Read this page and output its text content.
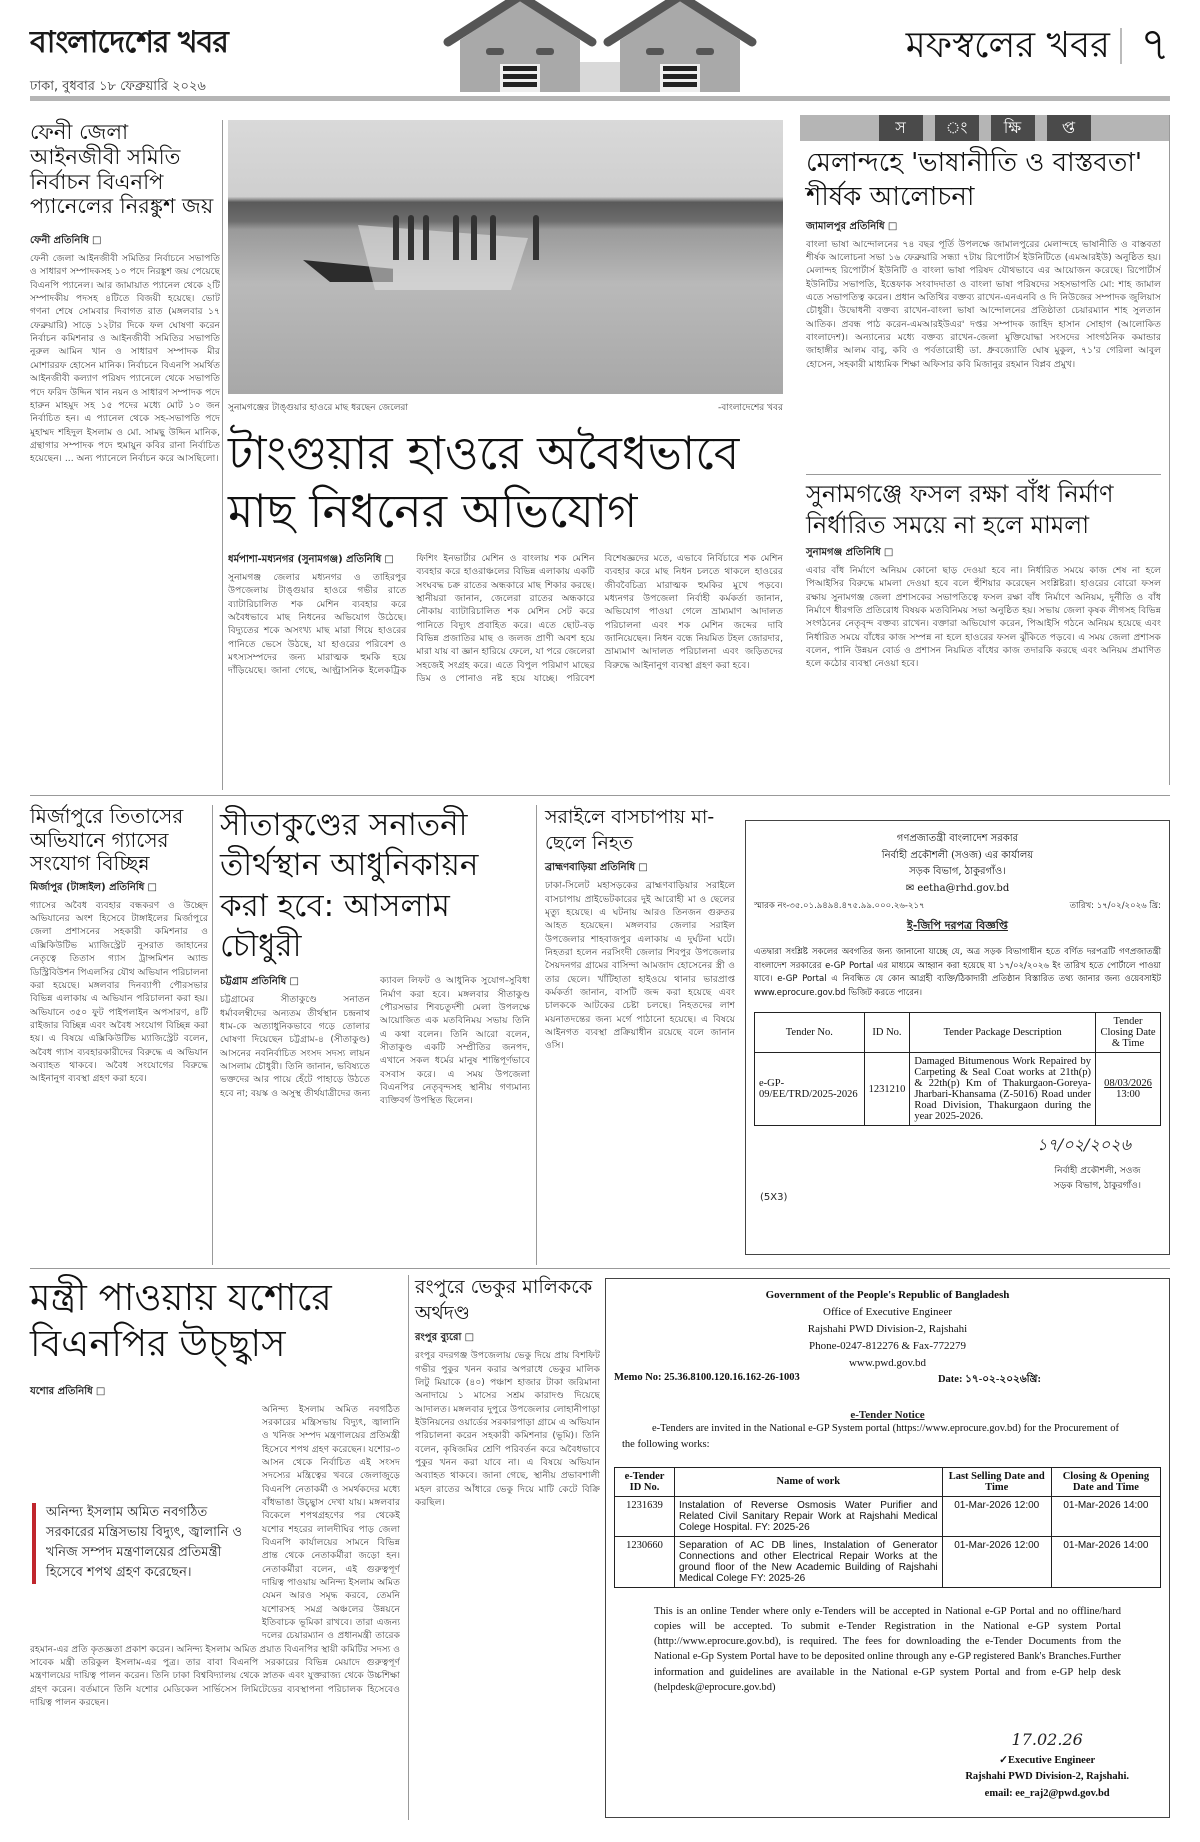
বাংলাদেশের খবর
ঢাকা, বুধবার ১৮ ফেব্রুয়ারি ২০২৬
মফস্বলের খবর ৭
ফেনী জেলা আইনজীবী সমিতি নির্বাচন বিএনপি প্যানেলের নিরঙ্কুশ জয়
ফেনী প্রতিনিধি □
ফেনী জেলা আইনজীবী সমিতির নির্বাচনে সভাপতি ও সাধারণ সম্পাদকসহ ১০ পদে নিরঙ্কুশ জয় পেয়েছে বিএনপি প্যানেল। আর জামায়াত প্যানেল থেকে ২টি সম্পাদকীয় পদসহ ৪টিতে বিজয়ী হয়েছে। ভোট গণনা শেষে সোমবার দিবাগত রাত (মঙ্গলবার ১৭ ফেব্রুয়ারি) সাড়ে ১২টার দিকে ফল ঘোষণা করেন নির্বাচন কমিশনার ও আইনজীবী সমিতির সভাপতি নুরুল আমিন খান ও সাধারণ সম্পাদক মীর মোশাররফ হোসেন মানিক। নির্বাচনে বিএনপি সমর্থিত আইনজীবী কল্যাণ পরিষদ প্যানেলে থেকে সভাপতি পদে ফরিদ উদ্দিন খান নয়ন ও সাধারণ সম্পাদক পদে হারুন মাহমুদ সহ ১৫ পদের মধ্যে মোট ১০ জন নির্বাচিত হন। এ প্যানেল থেকে সহ-সভাপতি পদে মুহাম্মদ শহিদুল ইসলাম ও মো. সামছু উদ্দিন মানিক, গ্রন্থাগার সম্পাদক পদে হুমায়ুন কবির রানা নির্বাচিত হয়েছেন। ... অন্য প্যানেলে নির্বাচন করে আসছিলো।
সুনামগঞ্জের টাঙ্গুয়ার হাওরে মাছ ধরছেন জেলেরা	-বাংলাদেশের খবর
টাংগুয়ার হাওরে অবৈধভাবে মাছ নিধনের অভিযোগ
ধর্মপাশা-মধ্যনগর (সুনামগঞ্জ) প্রতিনিধি □
সুনামগঞ্জ জেলার মধ্যনগর ও তাহিরপুর উপজেলায় টাঙ্গুয়ার হাওরে গভীর রাতে ব্যাটারিচালিত শক মেশিন ব্যবহার করে অবৈধভাবে মাছ নিধনের অভিযোগ উঠেছে। বিদ্যুতের শকে অসংখ্য মাছ মারা গিয়ে হাওরের পানিতে ভেসে উঠছে, যা হাওরের পরিবেশ ও মৎস্যসম্পদের জন্য মারাত্মক হুমকি হয়ে দাঁড়িয়েছে। জানা গেছে, আল্ট্রাসনিক ইলেকট্রিক ফিশিং ইনভার্টার মেশিন ও বাংলায় শক মেশিন ব্যবহার করে হাওরাঞ্চলের বিভিন্ন এলাকায় একটি সংঘবদ্ধ চক্র রাতের অন্ধকারে মাছ শিকার করছে। স্থানীয়রা জানান, জেলেরা রাতের অন্ধকারে নৌকায় ব্যাটারিচালিত শক মেশিন সেট করে পানিতে বিদ্যুৎ প্রবাহিত করে। এতে ছোট-বড় বিভিন্ন প্রজাতির মাছ ও জলজ প্রাণী অবশ হয়ে মারা যায় বা জ্ঞান হারিয়ে ফেলে, যা পরে জেলেরা সহজেই সংগ্রহ করে। এতে বিপুল পরিমাণ মাছের ডিম ও পোনাও নষ্ট হয়ে যাচ্ছে। পরিবেশ বিশেষজ্ঞদের মতে, এভাবে নির্বিচারে শক মেশিন ব্যবহার করে মাছ নিধন চলতে থাকলে হাওরের জীববৈচিত্র্য মারাত্মক হুমকির মুখে পড়বে। মধ্যনগর উপজেলা নির্বাহী কর্মকর্তা জানান, অভিযোগ পাওয়া গেলে ভ্রাম্যমাণ আদালত পরিচালনা এবং শক মেশিন জব্দের দাবি জানিয়েছেন। নিধন বন্ধে নিয়মিত টহল জোরদার, ভ্রাম্যমাণ আদালত পরিচালনা এবং জড়িতদের বিরুদ্ধে আইনানুগ ব্যবস্থা গ্রহণ করা হবে।
স	ং	ক্ষি	প্ত
মেলান্দহে 'ভাষানীতি ও বাস্তবতা' শীর্ষক আলোচনা
জামালপুর প্রতিনিধি □
বাংলা ভাষা আন্দোলনের ৭৪ বছর পূর্তি উপলক্ষে জামালপুরের মেলান্দহে ভাষানীতি ও বাস্তবতা শীর্ষক আলোচনা সভা ১৬ ফেব্রুয়ারি সন্ধ্যা ৭টায় রিপোর্টার্স ইউনিটিতে (এমআরইউ) অনুষ্ঠিত হয়। মেলান্দহ রিপোর্টার্স ইউনিটি ও বাংলা ভাষা পরিষদ যৌথভাবে এর আয়োজন করেছে। রিপোর্টার্স ইউনিটির সভাপতি, ইত্তেফাক সংবাদদাতা ও বাংলা ভাষা পরিষদের সহসভাপতি মো: শাহ জামাল এতে সভাপতিত্ব করেন। প্রধান অতিথির বক্তব্য রাখেন-এনএনবি ও দি নিউজের সম্পাদক জুলিয়াস চৌধুরী। উদ্বোধনী বক্তব্য রাখেন-বাংলা ভাষা আন্দোলনের প্রতিষ্ঠাতা চেয়ারম্যান শাহ সুলতান আতিক। প্রবন্ধ পাঠ করেন-এমআরইউএর' দপ্তর সম্পাদক জাহিদ হাসান সোহাগ (আলোকিত বাংলাদেশ)। অন্যান্যের মধ্যে বক্তব্য রাখেন-জেলা মুক্তিযোদ্ধা সংসদের সাংগঠনিক কমান্ডার জাহাঙ্গীর আলম বাবু, কবি ও পর্বতারোহী ডা. ধ্রুবজ্যোতি ঘোষ মুকুল, ৭১'র গেরিলা আবুল হোসেন, সহকারী মাধ্যমিক শিক্ষা অফিসার কবি মিজানুর রহমান বিপ্লব প্রমুখ।
সুনামগঞ্জে ফসল রক্ষা বাঁধ নির্মাণ নির্ধারিত সময়ে না হলে মামলা
সুনামগঞ্জ প্রতিনিধি □
এবার বাঁধ নির্মাণে অনিয়ম কোনো ছাড় দেওয়া হবে না। নির্ধারিত সময়ে কাজ শেষ না হলে পিআইসির বিরুদ্ধে মামলা দেওয়া হবে বলে হুঁশিয়ার করেছেন সংশ্লিষ্টরা। হাওরের বোরো ফসল রক্ষায় সুনামগঞ্জ জেলা প্রশাসকের সভাপতিত্বে ফসল রক্ষা বাঁধ নির্মাণে অনিয়ম, দুর্নীতি ও বাঁধ নির্মাণে ধীরগতি প্রতিরোধ বিষয়ক মতবিনিময় সভা অনুষ্ঠিত হয়। সভায় জেলা কৃষক লীগসহ বিভিন্ন সংগঠনের নেতৃবৃন্দ বক্তব্য রাখেন। বক্তারা অভিযোগ করেন, পিআইসি গঠনে অনিয়ম হয়েছে এবং নির্ধারিত সময়ে বাঁধের কাজ সম্পন্ন না হলে হাওরের ফসল ঝুঁকিতে পড়বে। এ সময় জেলা প্রশাসক বলেন, পানি উন্নয়ন বোর্ড ও প্রশাসন নিয়মিত বাঁধের কাজ তদারকি করছে এবং অনিয়ম প্রমাণিত হলে কঠোর ব্যবস্থা নেওয়া হবে।
মির্জাপুরে তিতাসের অভিযানে গ্যাসের সংযোগ বিচ্ছিন্ন
মির্জাপুর (টাঙ্গাইল) প্রতিনিধি □
গ্যাসের অবৈধ ব্যবহার বন্ধকরণ ও উচ্ছেদ অভিযানের অংশ হিসেবে টাঙ্গাইলের মির্জাপুরে জেলা প্রশাসনের সহকারী কমিশনার ও এক্সিকিউটিভ ম্যাজিস্ট্রেট নুসরাত জাহানের নেতৃত্বে তিতাস গ্যাস ট্রান্সমিশন অ্যান্ড ডিস্ট্রিবিউশন পিএলসির যৌথ অভিযান পরিচালনা করা হয়েছে। মঙ্গলবার দিনব্যাপী পৌরসভার বিভিন্ন এলাকায় এ অভিযান পরিচালনা করা হয়। অভিযানে ৩৫০ ফুট পাইপলাইন অপসারণ, ৪টি রাইজার বিচ্ছিন্ন এবং অবৈধ সংযোগ বিচ্ছিন্ন করা হয়। এ বিষয়ে এক্সিকিউটিভ ম্যাজিস্ট্রেট বলেন, অবৈধ গ্যাস ব্যবহারকারীদের বিরুদ্ধে এ অভিযান অব্যাহত থাকবে। অবৈধ সংযোগের বিরুদ্ধে আইনানুগ ব্যবস্থা গ্রহণ করা হবে।
সীতাকুণ্ডের সনাতনী তীর্থস্থান আধুনিকায়ন করা হবে: আসলাম চৌধুরী
চট্টগ্রাম প্রতিনিধি □
চট্টগ্রামের সীতাকুণ্ডে সনাতন ধর্মাবলম্বীদের অন্যতম তীর্থস্থান চন্দ্রনাথ ধাম-কে অত্যাধুনিকভাবে গড়ে তোলার ঘোষণা দিয়েছেন চট্টগ্রাম-৪ (সীতাকুণ্ড) আসনের নবনির্বাচিত সংসদ সদস্য লায়ন আসলাম চৌধুরী। তিনি জানান, ভবিষ্যতে ভক্তদের আর পায়ে হেঁটে পাহাড়ে উঠতে হবে না; বয়স্ক ও অসুস্থ তীর্থযাত্রীদের জন্য ক্যাবল লিফট ও আধুনিক সুযোগ-সুবিধা নির্মাণ করা হবে। মঙ্গলবার সীতাকুণ্ড পৌরসভার শিবচতুর্দশী মেলা উপলক্ষে আয়োজিত এক মতবিনিময় সভায় তিনি এ কথা বলেন। তিনি আরো বলেন, সীতাকুণ্ড একটি সম্প্রীতির জনপদ, এখানে সকল ধর্মের মানুষ শান্তিপূর্ণভাবে বসবাস করে। এ সময় উপজেলা বিএনপির নেতৃবৃন্দসহ স্থানীয় গণ্যমান্য ব্যক্তিবর্গ উপস্থিত ছিলেন।
সরাইলে বাসচাপায় মা-ছেলে নিহত
ব্রাহ্মণবাড়িয়া প্রতিনিধি □
ঢাকা-সিলেট মহাসড়কের ব্রাহ্মণবাড়িয়ার সরাইলে বাসচাপায় প্রাইভেটকারের দুই আরোহী মা ও ছেলের মৃত্যু হয়েছে। এ ঘটনায় আরও তিনজন গুরুতর আহত হয়েছেন। মঙ্গলবার জেলার সরাইল উপজেলার শাহবাজপুর এলাকায় এ দুর্ঘটনা ঘটে। নিহতরা হলেন নরসিংদী জেলার শিবপুর উপজেলার সৈয়দনগর গ্রামের বাসিন্দা আমজাদ হোসেনের স্ত্রী ও তার ছেলে। খাঁটিহাতা হাইওয়ে থানার ভারপ্রাপ্ত কর্মকর্তা জানান, বাসটি জব্দ করা হয়েছে এবং চালককে আটকের চেষ্টা চলছে। নিহতদের লাশ ময়নাতদন্তের জন্য মর্গে পাঠানো হয়েছে। এ বিষয়ে আইনগত ব্যবস্থা প্রক্রিয়াধীন রয়েছে বলে জানান ওসি।
গণপ্রজাতন্ত্রী বাংলাদেশ সরকার
নির্বাহী প্রকৌশলী (সওজ) এর কার্যালয়
সড়ক বিভাগ, ঠাকুরগাঁও।
✉ eetha@rhd.gov.bd
স্মারক নং-৩৫.০১.৯৪৯৪.৪৭৫.৯৯.০০০.২৬-২১৭	তারিখ: ১৭/০২/২০২৬ খ্রি:
ই-জিপি দরপত্র বিজ্ঞপ্তি
এতদ্বারা সংশ্লিষ্ট সকলের অবগতির জন্য জানানো যাচ্ছে যে, অত্র সড়ক বিভাগাধীন হতে বর্ণিত দরপত্রটি গণপ্রজাতন্ত্রী বাংলাদেশ সরকারের e-GP Portal এর মাধ্যমে আহ্বান করা হয়েছে যা ১৭/০২/২০২৬ ইং তারিখ হতে পোর্টালে পাওয়া যাবে। e-GP Portal এ নিবন্ধিত যে কোন আগ্রহী ব্যক্তি/ঠিকাদারী প্রতিষ্ঠান বিস্তারিত তথ্য জানার জন্য ওয়েবসাইট www.eprocure.gov.bd ভিজিট করতে পারেন।
Tender No.	ID No.	Tender Package Description	Tender Closing Date & Time
e-GP-09/EE/TRD/2025-2026	1231210	Damaged Bitumenous Work Repaired by Carpeting & Seal Coat works at 21th(p) & 22th(p) Km of Thakurgaon-Goreya-Jharbari-Khansama (Z-5016) Road under Road Division, Thakurgaon during the year 2025-2026.	08/03/2026
13:00
১৭/০২/২০২৬
নির্বাহী প্রকৌশলী, সওজ
সড়ক বিভাগ, ঠাকুরগাঁও।
(5X3)
মন্ত্রী পাওয়ায় যশোরে বিএনপির উচ্ছ্বাস
যশোর প্রতিনিধি □
অনিন্দ্য ইসলাম অমিত নবগঠিত সরকারের মন্ত্রিসভায় বিদ্যুৎ, জ্বালানি ও খনিজ সম্পদ মন্ত্রণালয়ের প্রতিমন্ত্রী হিসেবে শপথ গ্রহণ করেছেন।
অনিন্দ্য ইসলাম অমিত নবগঠিত সরকারের মন্ত্রিসভায় বিদ্যুৎ, জ্বালানি ও খনিজ সম্পদ মন্ত্রণালয়ের প্রতিমন্ত্রী হিসেবে শপথ গ্রহণ করেছেন। যশোর-৩ আসন থেকে নির্বাচিত এই সংসদ সদস্যের মন্ত্রিত্বের খবরে জেলাজুড়ে বিএনপি নেতাকর্মী ও সমর্থকদের মধ্যে বাঁধভাঙা উচ্ছ্বাস দেখা যায়। মঙ্গলবার বিকেলে শপথগ্রহণের পর থেকেই যশোর শহরের লালদীঘির পাড় জেলা বিএনপি কার্যালয়ের সামনে বিভিন্ন প্রান্ত থেকে নেতাকর্মীরা জড়ো হন। নেতাকর্মীরা বলেন, এই গুরুত্বপূর্ণ দায়িত্ব পাওয়ায় অনিন্দ্য ইসলাম অমিত যেমন আরও সমৃদ্ধ করবে, তেমনি যশোরসহ সমগ্র অঞ্চলের উন্নয়নে ইতিবাচক ভূমিকা রাখবে। তারা এজন্য দলের চেয়ারম্যান ও প্রধানমন্ত্রী তারেক রহমান-এর প্রতি কৃতজ্ঞতা প্রকাশ করেন। অনিন্দ্য ইসলাম অমিত প্রয়াত বিএনপির স্থায়ী কমিটির সদস্য ও সাবেক মন্ত্রী তরিকুল ইসলাম-এর পুত্র। তার বাবা বিএনপি সরকারের বিভিন্ন মেয়াদে গুরুত্বপূর্ণ মন্ত্রণালয়ের দায়িত্ব পালন করেন। তিনি ঢাকা বিশ্ববিদ্যালয় থেকে স্নাতক এবং যুক্তরাজ্য থেকে উচ্চশিক্ষা গ্রহণ করেন। বর্তমানে তিনি যশোর মেডিকেল সার্ভিসেস লিমিটেডের ব্যবস্থাপনা পরিচালক হিসেবেও দায়িত্ব পালন করছেন।
রংপুরে ভেকুর মালিককে অর্থদণ্ড
রংপুর ব্যুরো □
রংপুর বদরগঞ্জ উপজেলায় ভেকু দিয়ে প্রায় বিশফিট গভীর পুকুর খনন করার অপরাধে ভেকুর মালিক লিটু মিয়াকে (৪০) পঞ্চাশ হাজার টাকা জরিমানা অনাদায়ে ১ মাসের সশ্রম কারাদণ্ড দিয়েছে আদালত। মঙ্গলবার দুপুরে উপজেলার লোহানীপাড়া ইউনিয়নের ওয়ার্ডের সরকারপাড়া গ্রামে এ অভিযান পরিচালনা করেন সহকারী কমিশনার (ভূমি)। তিনি বলেন, কৃষিজমির শ্রেণি পরিবর্তন করে অবৈধভাবে পুকুর খনন করা যাবে না। এ বিষয়ে অভিযান অব্যাহত থাকবে। জানা গেছে, স্থানীয় প্রভাবশালী মহল রাতের আঁধারে ভেকু দিয়ে মাটি কেটে বিক্রি করছিল।
Government of the People's Republic of Bangladesh
Office of Executive Engineer
Rajshahi PWD Division-2, Rajshahi
Phone-0247-812276 & Fax-772279
www.pwd.gov.bd
Memo No: 25.36.8100.120.16.162-26-1003	Date: ১৭-০২-২০২৬খ্রি:
e-Tender Notice
e-Tenders are invited in the National e-GP System portal (https://www.eprocure.gov.bd) for the Procurement of the following works:
e-Tender ID No.	Name of work	Last Selling Date and Time	Closing & Opening Date and Time
1231639	Instalation of Reverse Osmosis Water Purifier and Related Civil Sanitary Repair Work at Rajshahi Medical Colege Hospital. FY: 2025-26	01-Mar-2026 12:00	01-Mar-2026 14:00
1230660	Separation of AC DB lines, Instalation of Generator Connections and other Electrical Repair Works at the ground floor of the New Academic Building of Rajshahi Medical Colege FY: 2025-26	01-Mar-2026 12:00	01-Mar-2026 14:00
This is an online Tender where only e-Tenders will be accepted in National e-GP Portal and no offline/hard copies will be accepted. To submit e-Tender Registration in the National e-GP system Portal (http://www.eprocure.gov.bd), is required. The fees for downloading the e-Tender Documents from the National e-Gp System Portal have to be deposited online through any e-GP registered Bank's Branches.Further information and guidelines are available in the National e-GP system Portal and from e-GP help desk (helpdesk@eprocure.gov.bd)
17.02.26
✓Executive Engineer
Rajshahi PWD Division-2, Rajshahi.
email: ee_raj2@pwd.gov.bd
